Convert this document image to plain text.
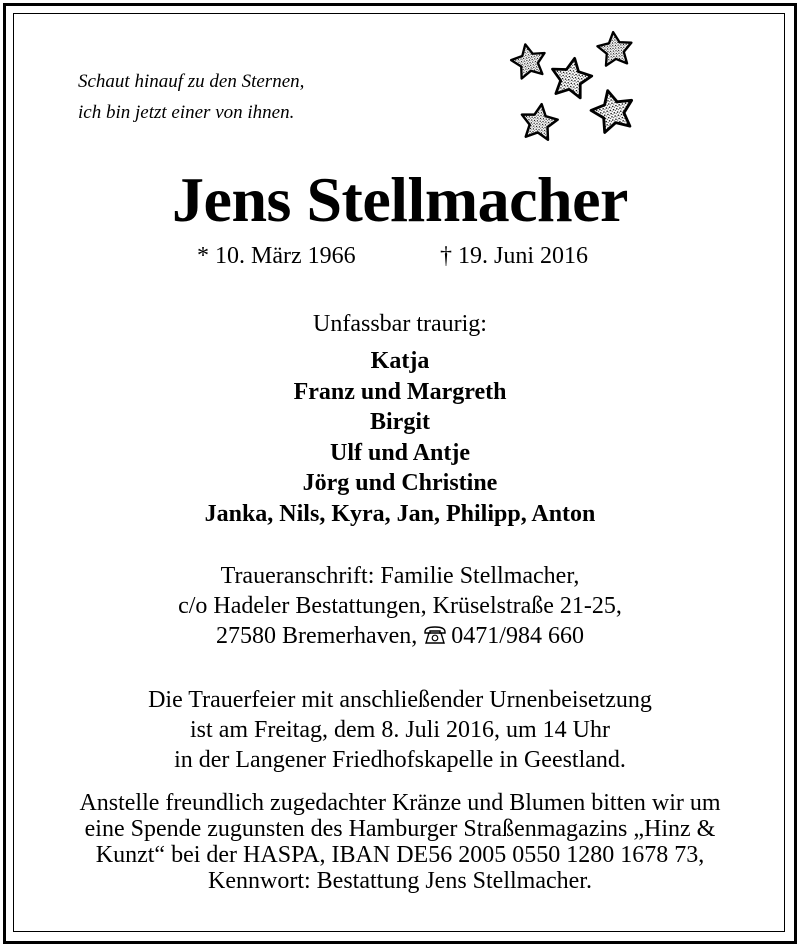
Schaut hinauf zu den Sternen,
ich bin jetzt einer von ihnen.
Jens Stellmacher
* 10. März 1966	† 19. Juni 2016
Unfassbar traurig:
Katja
Franz und Margreth
Birgit
Ulf und Antje
Jörg und Christine
Janka, Nils, Kyra, Jan, Philipp, Anton
Traueranschrift: Familie Stellmacher,
c/o Hadeler Bestattungen, Krüselstraße 21-25,
27580 Bremerhaven, 0471/984 660
Die Trauerfeier mit anschließender Urnenbeisetzung
ist am Freitag, dem 8. Juli 2016, um 14 Uhr
in der Langener Friedhofskapelle in Geestland.
Anstelle freundlich zugedachter Kränze und Blumen bitten wir um
eine Spende zugunsten des Hamburger Straßenmagazins „Hinz &
Kunzt“ bei der HASPA, IBAN DE56 2005 0550 1280 1678 73,
Kennwort: Bestattung Jens Stellmacher.
